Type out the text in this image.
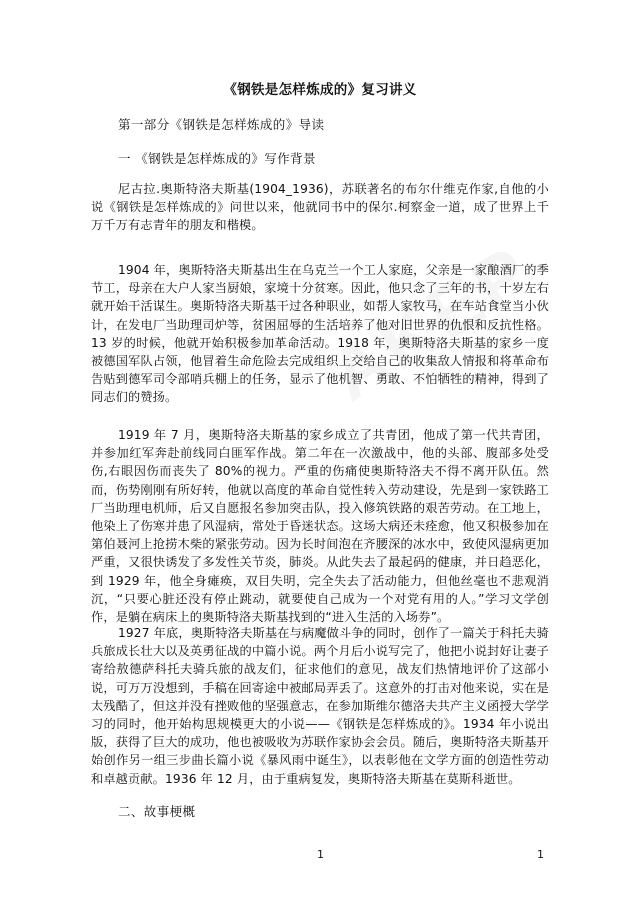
《钢铁是怎样炼成的》复习讲义
第一部分《钢铁是怎样炼成的》导读
一 《钢铁是怎样炼成的》写作背景

尼古拉.奥斯特洛夫斯基(1904_1936)，苏联著名的布尔什维克作家,自他的小说《钢铁是怎样炼成的》问世以来，他就同书中的保尔.柯察金一道，成了世界上千万千万有志青年的朋友和楷模。

1904 年，奥斯特洛夫斯基出生在乌克兰一个工人家庭，父亲是一家酿酒厂的季节工，母亲在大户人家当厨娘，家境十分贫寒。因此，他只念了三年的书，十岁左右就开始干活谋生。奥斯特洛夫斯基干过各种职业，如帮人家牧马，在车站食堂当小伙计，在发电厂当助理司炉等，贫困屈辱的生活培养了他对旧世界的仇恨和反抗性格。13 岁的时候，他就开始积极参加革命活动。1918 年，奥斯特洛夫斯基的家乡一度被德国军队占领，他冒着生命危险去完成组织上交给自己的收集敌人情报和将革命布告贴到德军司令部哨兵棚上的任务，显示了他机智、勇敢、不怕牺牲的精神，得到了同志们的赞扬。

1919 年 7 月，奥斯特洛夫斯基的家乡成立了共青团，他成了第一代共青团，并参加红军奔赴前线同白匪军作战。第二年在一次激战中，他的头部、腹部多处受伤,右眼因伤而丧失了 80%的视力。严重的伤痛使奥斯特洛夫不得不离开队伍。然而，伤势刚刚有所好转，他就以高度的革命自觉性转入劳动建设，先是到一家铁路工厂当助理电机师，后又自愿报名参加突击队，投入修筑铁路的艰苦劳动。在工地上，他染上了伤寒并患了风湿病，常处于昏迷状态。这场大病还未痊愈，他又积极参加在第伯聂河上抢捞木柴的紧张劳动。因为长时间泡在齐腰深的冰水中，致使风湿病更加严重，又很快诱发了多发性关节炎，肺炎。从此失去了最起码的健康，并日趋恶化，到 1929 年，他全身瘫痪，双目失明，完全失去了活动能力，但他丝毫也不悲观消沉，“只要心脏还没有停止跳动，就要使自己成为一个对党有用的人。”学习文学创作，是躺在病床上的奥斯特洛夫斯基找到的“进入生活的入场券”。

1927 年底，奥斯特洛夫斯基在与病魔做斗争的同时，创作了一篇关于科托夫骑兵旅成长壮大以及英勇征战的中篇小说。两个月后小说写完了，他把小说封好让妻子寄给敖德萨科托夫骑兵旅的战友们，征求他们的意见，战友们热情地评价了这部小说，可万万没想到，手稿在回寄途中被邮局弄丢了。这意外的打击对他来说，实在是太残酷了，但这并没有挫败他的坚强意志，在参加斯维尔德洛夫共产主义函授大学学习的同时，他开始构思规模更大的小说——《钢铁是怎样炼成的》。1934 年小说出版，获得了巨大的成功，他也被吸收为苏联作家协会会员。随后，奥斯特洛夫斯基开始创作另一组三步曲长篇小说《暴风雨中诞生》，以表彰他在文学方面的创造性劳动和卓越贡献。1936 年 12 月，由于重病复发，奥斯特洛夫斯基在莫斯科逝世。

二、故事梗概
1	1
